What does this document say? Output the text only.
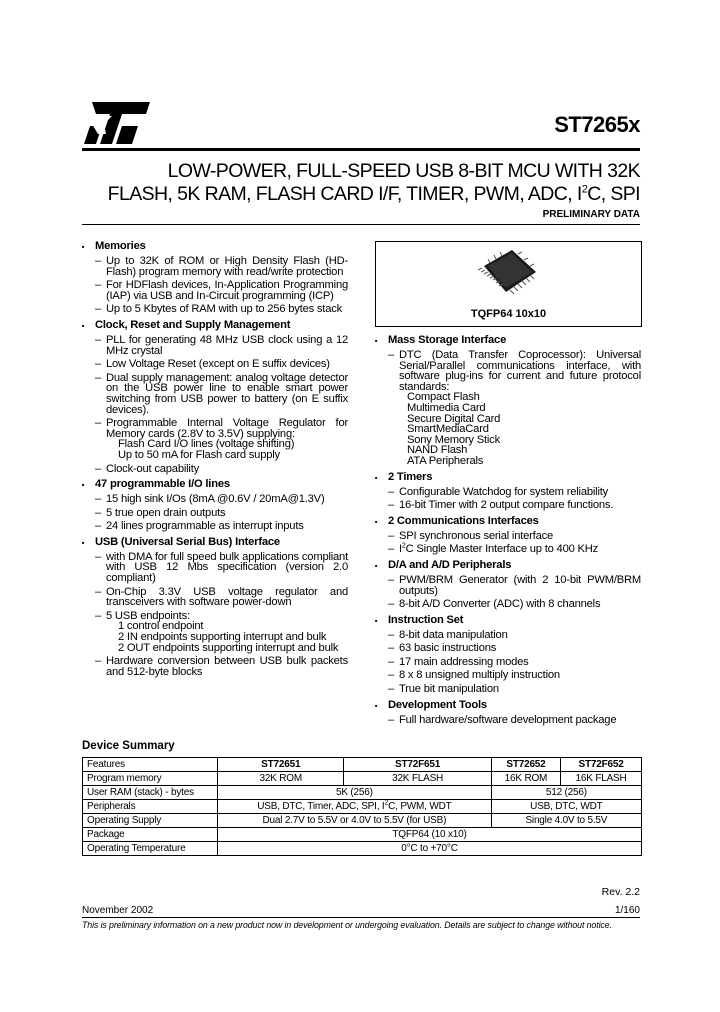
ST7265x
LOW-POWER, FULL-SPEED USB 8-BIT MCU WITH 32K
FLASH, 5K RAM, FLASH CARD I/F, TIMER, PWM, ADC, $I^2C$, SPI
PRELIMINARY DATA
■ Memories
– Up to 32K of ROM or High Density Flash (HD-Flash) program memory with read/write protection
– For HDFlash devices, In-Application Programming (IAP) via USB and In-Circuit programming (ICP)
– Up to 5 Kbytes of RAM with up to 256 bytes stack
■ Clock, Reset and Supply Management
– PLL for generating 48 MHz USB clock using a 12 MHz crystal
– Low Voltage Reset (except on E suffix devices)
– Dual supply management: analog voltage detector on the USB power line to enable smart power switching from USB power to battery (on E suffix devices).
– Programmable Internal Voltage Regulator for Memory cards (2.8V to 3.5V) supplying:
Flash Card I/O lines (voltage shifting)
Up to 50 mA for Flash card supply
– Clock-out capability
■ 47 programmable I/O lines
– 15 high sink I/Os (8mA @0.6V / 20mA@1.3V)
– 5 true open drain outputs
– 24 lines programmable as interrupt inputs
■ USB (Universal Serial Bus) Interface
– with DMA for full speed bulk applications compliant with USB 12 Mbs specification (version 2.0 compliant)
– On-Chip 3.3V USB voltage regulator and transceivers with software power-down
– 5 USB endpoints:
1 control endpoint
2 IN endpoints supporting interrupt and bulk
2 OUT endpoints supporting interrupt and bulk
– Hardware conversion between USB bulk packets and 512-byte blocks
TQFP64 10x10
■ Mass Storage Interface
– DTC (Data Transfer Coprocessor): Universal Serial/Parallel communications interface, with software plug-ins for current and future protocol standards:
Compact Flash
Multimedia Card
Secure Digital Card
SmartMediaCard
Sony Memory Stick
NAND Flash
ATA Peripherals
■ 2 Timers
– Configurable Watchdog for system reliability
– 16-bit Timer with 2 output compare functions.
■ 2 Communications Interfaces
– SPI synchronous serial interface
– $I^2C$ Single Master Interface up to 400 KHz
■ D/A and A/D Peripherals
– PWM/BRM Generator (with 2 10-bit PWM/BRM outputs)
– 8-bit A/D Converter (ADC) with 8 channels
■ Instruction Set
– 8-bit data manipulation
– 63 basic instructions
– 17 main addressing modes
– 8 x 8 unsigned multiply instruction
– True bit manipulation
■ Development Tools
– Full hardware/software development package
Device Summary
Features	ST72651	ST72F651	ST72652	ST72F652
Program memory	32K ROM	32K FLASH	16K ROM	16K FLASH
User RAM (stack) - bytes	5K (256)		512 (256)	
Peripherals	USB, DTC, Timer, ADC, SPI, $I^2C$, PWM, WDT		USB, DTC, WDT	
Operating Supply	Dual 2.7V to 5.5V or 4.0V to 5.5V (for USB)		Single 4.0V to 5.5V	
Package	TQFP64 (10 x10)			
Operating Temperature	0°C to +70°C			
Rev. 2.2
November 2002	1/160
This is preliminary information on a new product now in development or undergoing evaluation. Details are subject to change without notice.
